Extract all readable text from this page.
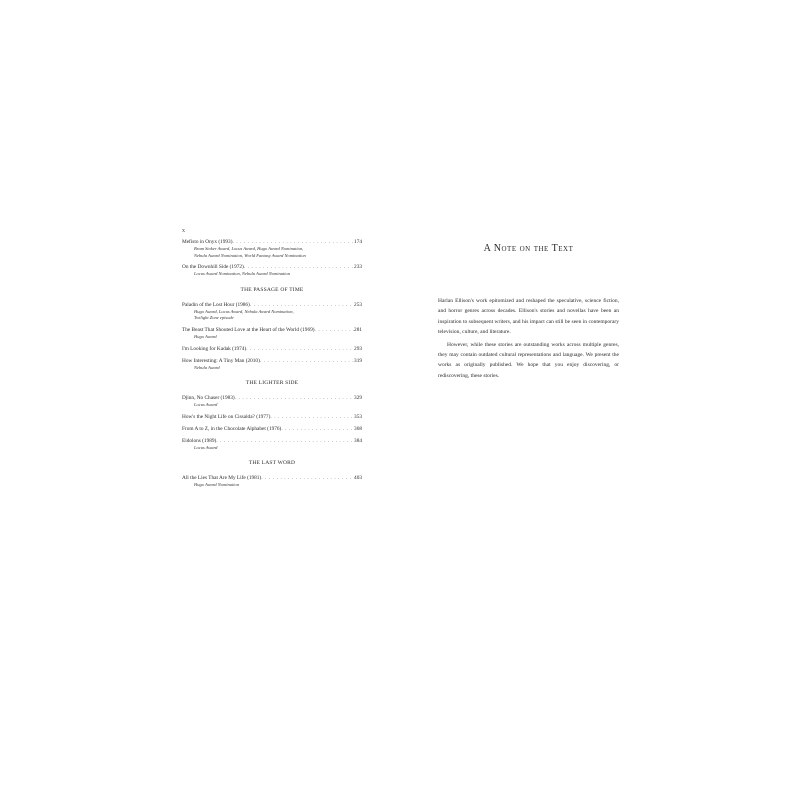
x
Mefisto in Onyx (1993) . . .	174
Bram Stoker Award, Locus Award, Hugo Award Nomination,
Nebula Award Nomination, World Fantasy Award Nomination
On the Downhill Side (1972) . . .	233
Locus Award Nomination, Nebula Award Nomination
THE PASSAGE OF TIME
Paladin of the Lost Hour (1986) . . .	253
Hugo Award, Locus Award, Nebula Award Nomination,
Twilight Zone episode
The Beast That Shouted Love at the Heart of the World (1969) . . .	281
Hugo Award
I'm Looking for Kadak (1974) . . .	293
How Interesting: A Tiny Man (2010) . . .	319
Nebula Award
THE LIGHTER SIDE
Djinn, No Chaser (1983) . . .	329
Locus Award
How's the Night Life on Cissalda? (1977) . . .	353
From A to Z, in the Chocolate Alphabet (1976) . . .	368
Eidolons (1989) . . .	384
Locus Award
THE LAST WORD
All the Lies That Are My Life (1981) . . .	403
Hugo Award Nomination
A Note on the Text

Harlan Ellison's work epitomized and reshaped the speculative, science fiction, and horror genres across decades. Ellison's stories and novellas have been an inspiration to subsequent writers, and his impact can still be seen in contemporary television, culture, and literature.

However, while these stories are outstanding works across multiple genres, they may contain outdated cultural representations and language. We present the works as originally published. We hope that you enjoy discovering, or rediscovering, these stories.
